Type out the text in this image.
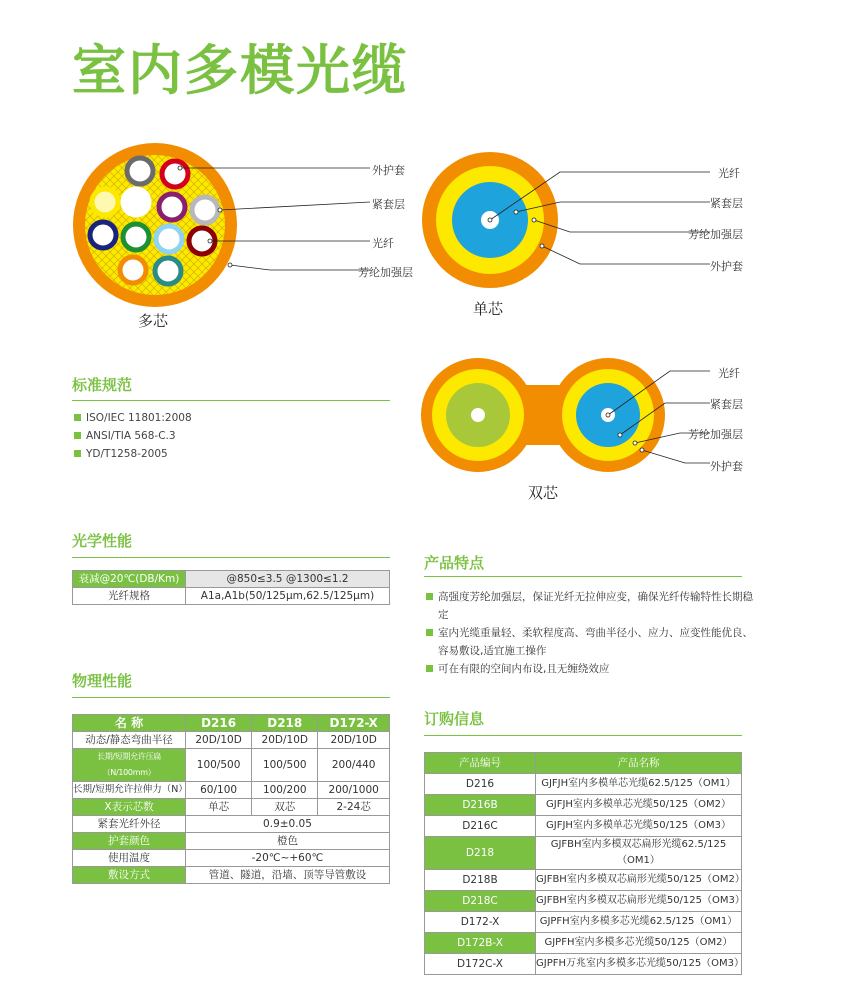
室内多模光缆
外护套
紧套层
光纤
芳纶加强层
多芯
光纤
紧套层
芳纶加强层
外护套
单芯
光纤
紧套层
芳纶加强层
外护套
双芯
标准规范
ISO/IEC 11801:2008
ANSI/TIA 568-C.3
YD/T1258-2005
光学性能
衰减@20℃(DB/Km)	@850≤3.5 @1300≤1.2
光纤规格	A1a,A1b(50/125μm,62.5/125μm)
物理性能
名 称	D216	D218	D172-X
动态/静态弯曲半径	20D/10D	20D/10D	20D/10D
长期/短期允许压扁（N/100mm）	100/500	100/500	200/440
长期/短期允许拉伸力（N）	60/100	100/200	200/1000
X表示芯数	单芯	双芯	2-24芯
紧套光纤外径	0.9±0.05		
护套颜色	橙色		
使用温度	-20℃~+60℃		
敷设方式	管道、隧道，沿墙、顶等导管敷设		
产品特点
高强度芳纶加强层，保证光纤无拉伸应变，确保光纤传输特性长期稳定
室内光缆重量轻、柔软程度高、弯曲半径小、应力、应变性能优良、容易敷设,适宜施工操作
可在有限的空间内布设,且无缠绕效应
订购信息
产品编号	产品名称
D216	GJFJH室内多模单芯光缆62.5/125（OM1）
D216B	GJFJH室内多模单芯光缆50/125（OM2）
D216C	GJFJH室内多模单芯光缆50/125（OM3）
D218	GJFBH室内多模双芯扁形光缆62.5/125（OM1）
D218B	GJFBH室内多模双芯扁形光缆50/125（OM2）
D218C	GJFBH室内多模双芯扁形光缆50/125（OM3）
D172-X	GJPFH室内多模多芯光缆62.5/125（OM1）
D172B-X	GJPFH室内多模多芯光缆50/125（OM2）
D172C-X	GJPFH万兆室内多模多芯光缆50/125（OM3）
